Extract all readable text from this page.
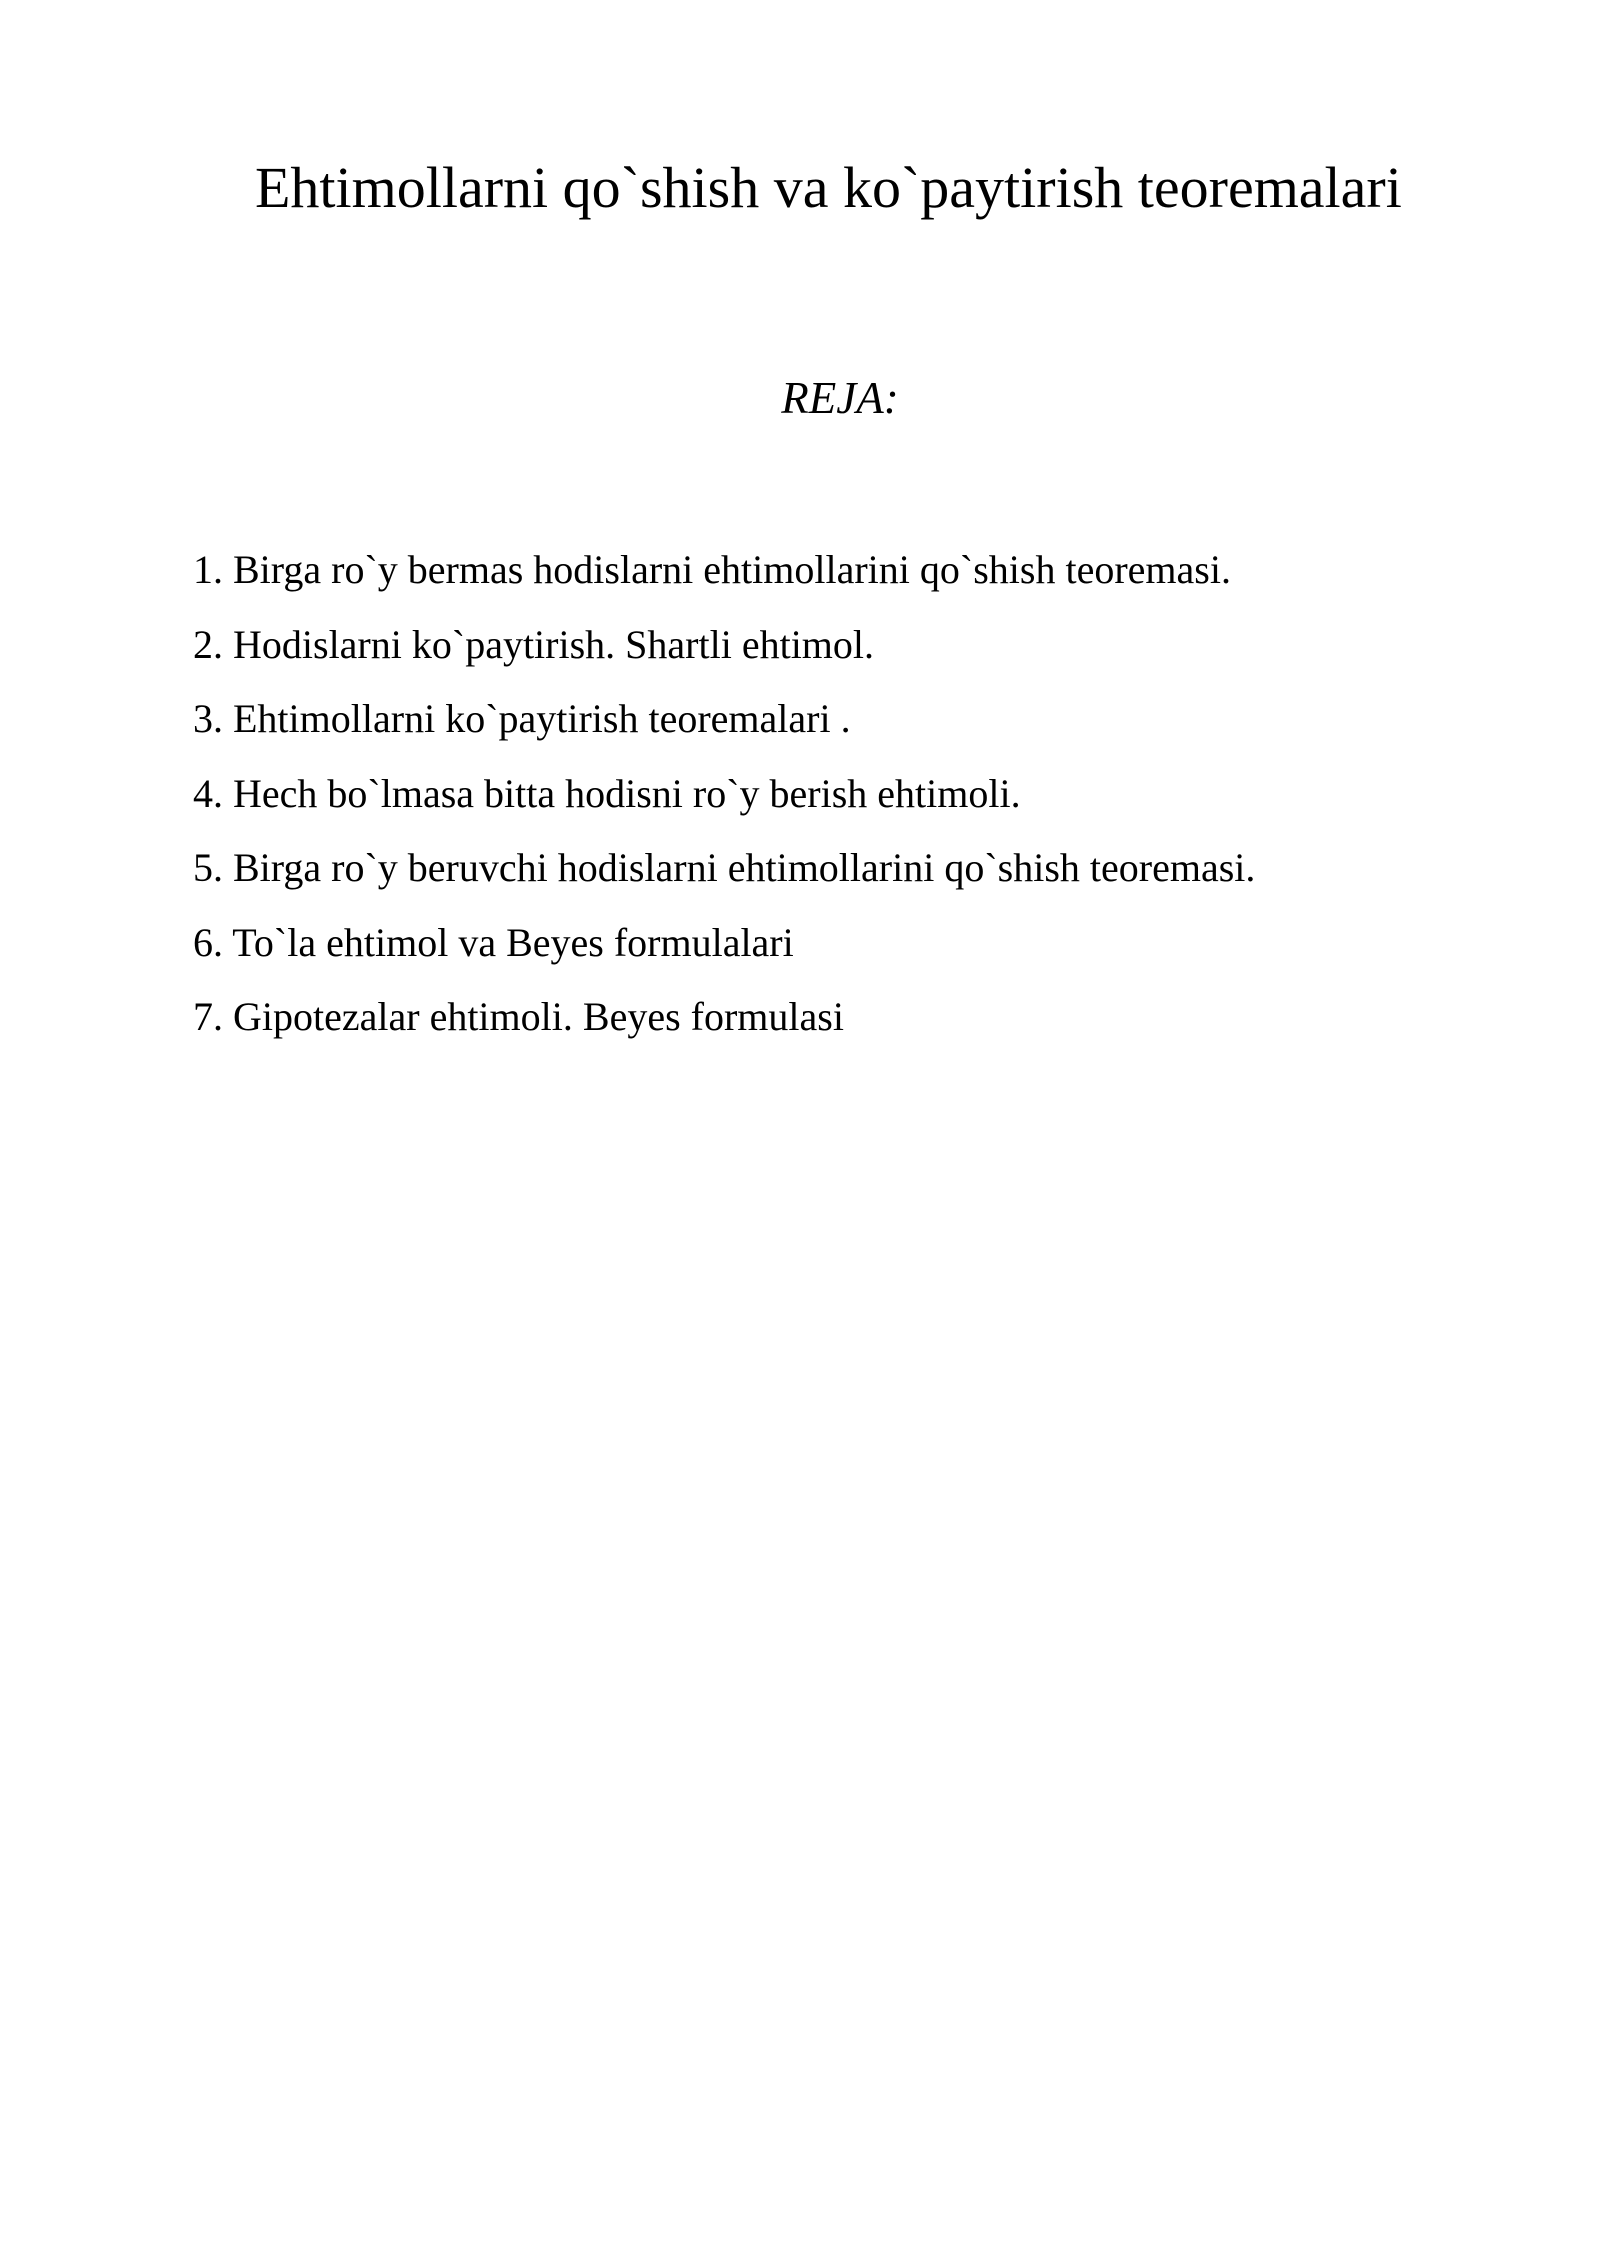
Ehtimollarni qo`shish va ko`paytirish teoremalari
REJA:
1. Birga ro`y bermas hodislarni ehtimollarini qo`shish teoremasi.
2. Hodislarni ko`paytirish. Shartli ehtimol.
3. Ehtimollarni ko`paytirish teoremalari .
4. Hech bo`lmasa bitta hodisni ro`y berish ehtimoli.
5. Birga ro`y beruvchi hodislarni ehtimollarini qo`shish teoremasi.
6. To`la ehtimol va Beyes formulalari
7. Gipotezalar ehtimoli. Beyes formulasi
